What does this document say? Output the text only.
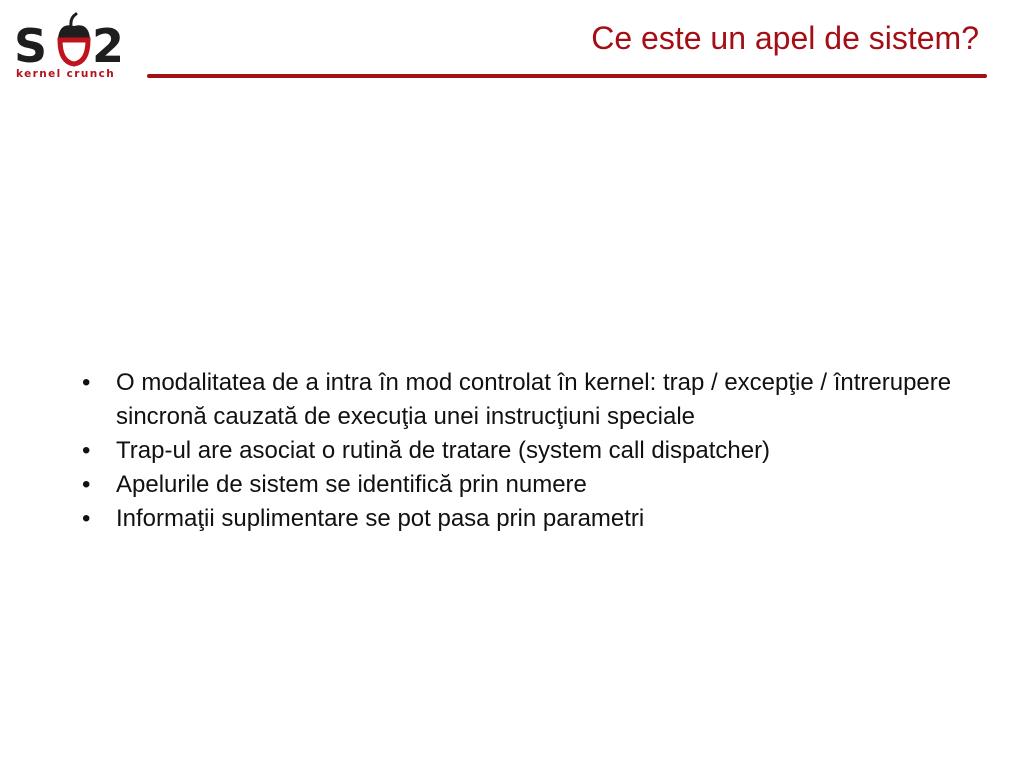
S 2
kernel crunch
Ce este un apel de sistem?
• O modalitatea de a intra în mod controlat în kernel: trap / excepţie / întrerupere sincronă cauzată de execuţia unei instrucţiuni speciale
• Trap-ul are asociat o rutină de tratare (system call dispatcher)
• Apelurile de sistem se identifică prin numere
• Informaţii suplimentare se pot pasa prin parametri
